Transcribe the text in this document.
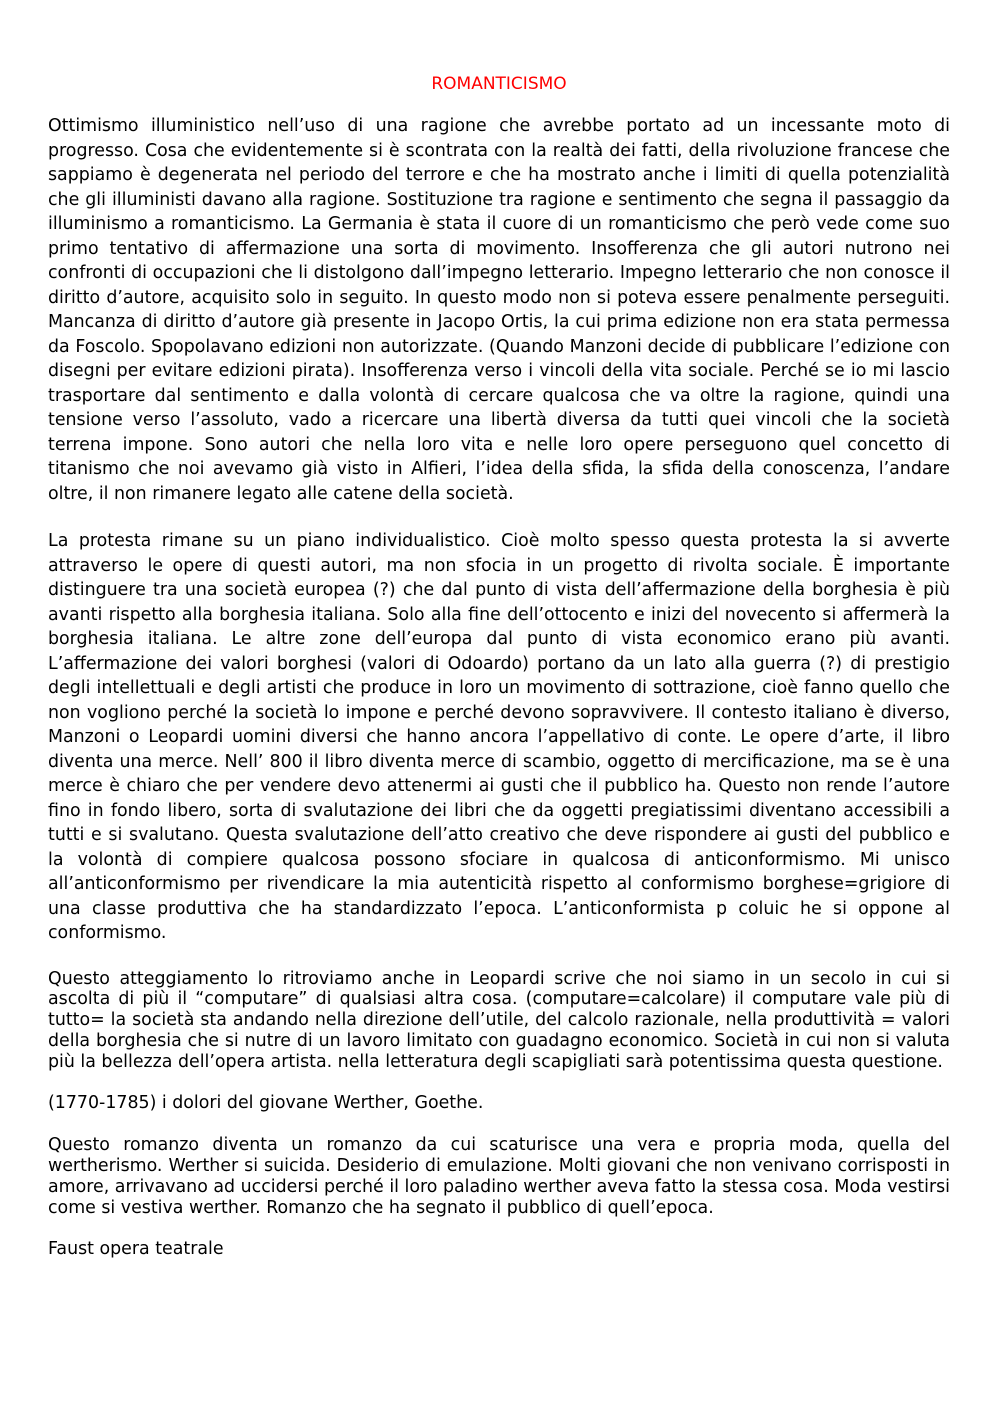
ROMANTICISMO

Ottimismo illuministico nell’uso di una ragione che avrebbe portato ad un incessante moto di progresso. Cosa che evidentemente si è scontrata con la realtà dei fatti, della rivoluzione francese che sappiamo è degenerata nel periodo del terrore e che ha mostrato anche i limiti di quella potenzialità che gli illuministi davano alla ragione. Sostituzione tra ragione e sentimento che segna il passaggio da illuminismo a romanticismo. La Germania è stata il cuore di un romanticismo che però vede come suo primo tentativo di affermazione una sorta di movimento. Insofferenza che gli autori nutrono nei confronti di occupazioni che li distolgono dall’impegno letterario. Impegno letterario che non conosce il diritto d’autore, acquisito solo in seguito. In questo modo non si poteva essere penalmente perseguiti. Mancanza di diritto d’autore già presente in Jacopo Ortis, la cui prima edizione non era stata permessa da Foscolo. Spopolavano edizioni non autorizzate. (Quando Manzoni decide di pubblicare l’edizione con disegni per evitare edizioni pirata). Insofferenza verso i vincoli della vita sociale. Perché se io mi lascio trasportare dal sentimento e dalla volontà di cercare qualcosa che va oltre la ragione, quindi una tensione verso l’assoluto, vado a ricercare una libertà diversa da tutti quei vincoli che la società terrena impone. Sono autori che nella loro vita e nelle loro opere perseguono quel concetto di titanismo che noi avevamo già visto in Alfieri, l’idea della sfida, la sfida della conoscenza, l’andare oltre, il non rimanere legato alle catene della società.

La protesta rimane su un piano individualistico. Cioè molto spesso questa protesta la si avverte attraverso le opere di questi autori, ma non sfocia in un progetto di rivolta sociale. È importante distinguere tra una società europea (?) che dal punto di vista dell’affermazione della borghesia è più avanti rispetto alla borghesia italiana. Solo alla fine dell’ottocento e inizi del novecento si affermerà la borghesia italiana. Le altre zone dell’europa dal punto di vista economico erano più avanti. L’affermazione dei valori borghesi (valori di Odoardo) portano da un lato alla guerra (?) di prestigio degli intellettuali e degli artisti che produce in loro un movimento di sottrazione, cioè fanno quello che non vogliono perché la società lo impone e perché devono sopravvivere. Il contesto italiano è diverso, Manzoni o Leopardi uomini diversi che hanno ancora l’appellativo di conte. Le opere d’arte, il libro diventa una merce. Nell’ 800 il libro diventa merce di scambio, oggetto di mercificazione, ma se è una merce è chiaro che per vendere devo attenermi ai gusti che il pubblico ha. Questo non rende l’autore fino in fondo libero, sorta di svalutazione dei libri che da oggetti pregiatissimi diventano accessibili a tutti e si svalutano. Questa svalutazione dell’atto creativo che deve rispondere ai gusti del pubblico e la volontà di compiere qualcosa possono sfociare in qualcosa di anticonformismo. Mi unisco all’anticonformismo per rivendicare la mia autenticità rispetto al conformismo borghese=grigiore di una classe produttiva che ha standardizzato l’epoca. L’anticonformista p coluic he si oppone al conformismo.

Questo atteggiamento lo ritroviamo anche in Leopardi scrive che noi siamo in un secolo in cui si ascolta di più il “computare” di qualsiasi altra cosa. (computare=calcolare) il computare vale più di tutto= la società sta andando nella direzione dell’utile, del calcolo razionale, nella produttività = valori della borghesia che si nutre di un lavoro limitato con guadagno economico. Società in cui non si valuta più la bellezza dell’opera artista. nella letteratura degli scapigliati sarà potentissima questa questione.

(1770-1785) i dolori del giovane Werther, Goethe.

Questo romanzo diventa un romanzo da cui scaturisce una vera e propria moda, quella del wertherismo. Werther si suicida. Desiderio di emulazione. Molti giovani che non venivano corrisposti in amore, arrivavano ad uccidersi perché il loro paladino werther aveva fatto la stessa cosa. Moda vestirsi come si vestiva werther. Romanzo che ha segnato il pubblico di quell’epoca.

Faust opera teatrale
